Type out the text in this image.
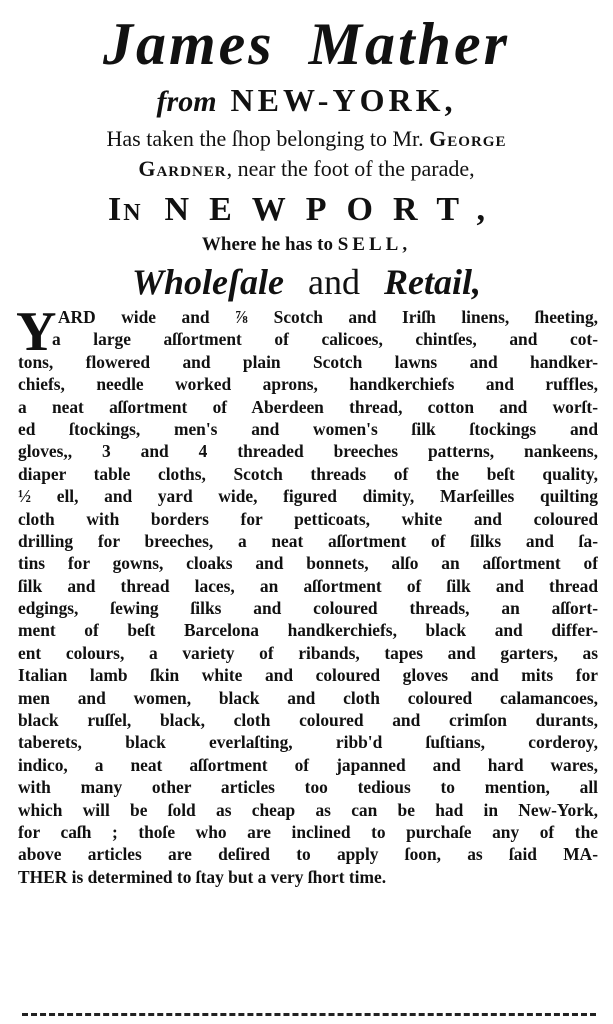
James Mather
from NEW-YORK,
Has taken the ſhop belonging to Mr. George
Gardner, near the foot of the parade,
In NEWPORT,
Where he has to SELL,
Wholeſale and Retail,
Y ARD wide and ⅞ Scotch and Iriſh linens, ſheeting,
a large aſſortment of calicoes, chintſes, and cot-
tons, flowered and plain Scotch lawns and handker-
chiefs, needle worked aprons, handkerchiefs and ruffles,
a neat aſſortment of Aberdeen thread, cotton and worſt-
ed ſtockings, men's and women's ſilk ſtockings and
gloves,, 3 and 4 threaded breeches patterns, nankeens,
diaper table cloths, Scotch threads of the beſt quality,
½ ell, and yard wide, figured dimity, Marſeilles quilting
cloth with borders for petticoats, white and coloured
drilling for breeches, a neat aſſortment of ſilks and ſa-
tins for gowns, cloaks and bonnets, alſo an aſſortment of
ſilk and thread laces, an aſſortment of ſilk and thread
edgings, ſewing ſilks and coloured threads, an aſſort-
ment of beſt Barcelona handkerchiefs, black and differ-
ent colours, a variety of ribands, tapes and garters, as
Italian lamb ſkin white and coloured gloves and mits for
men and women, black and cloth coloured calamancoes,
black ruſſel, black, cloth coloured and crimſon durants,
taberets, black everlaſting, ribb'd ſuſtians, corderoy,
indico, a neat aſſortment of japanned and hard wares,
with many other articles too tedious to mention, all
which will be ſold as cheap as can be had in New-York,
for caſh ; thoſe who are inclined to purchaſe any of the
above articles are deſired to apply ſoon, as ſaid MA-
THER is determined to ſtay but a very ſhort time.
